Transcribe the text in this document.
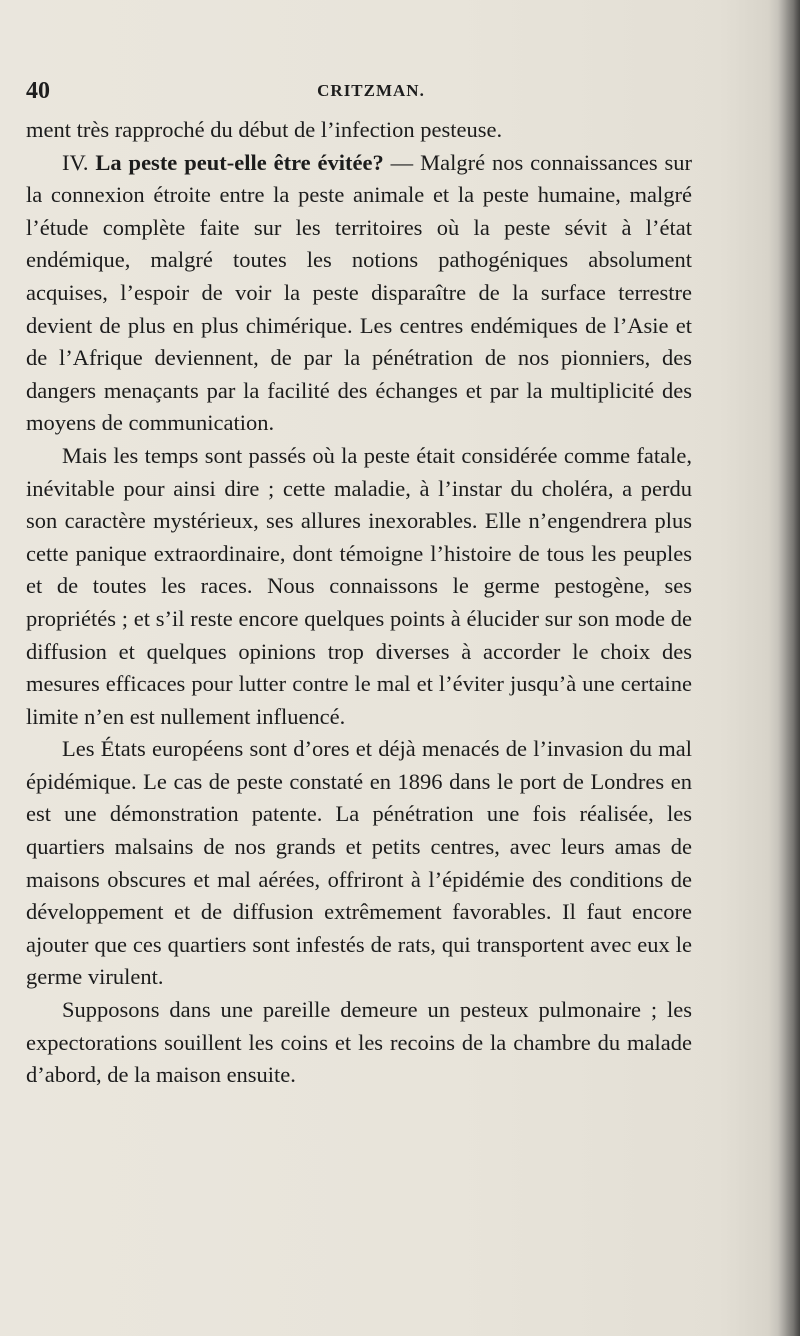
40	CRITZMAN.

ment très rapproché du début de l’infection pesteuse.

IV. La peste peut-elle être évitée? — Malgré nos connaissances sur la connexion étroite entre la peste animale et la peste humaine, malgré l’étude complète faite sur les territoires où la peste sévit à l’état endémique, malgré toutes les notions pathogéniques absolument acquises, l’espoir de voir la peste disparaître de la surface terrestre devient de plus en plus chimérique. Les centres endémiques de l’Asie et de l’Afrique deviennent, de par la pénétration de nos pionniers, des dangers menaçants par la facilité des échanges et par la multiplicité des moyens de communication.

Mais les temps sont passés où la peste était considérée comme fatale, inévitable pour ainsi dire ; cette maladie, à l’instar du choléra, a perdu son caractère mystérieux, ses allures inexorables. Elle n’engendrera plus cette panique extraordinaire, dont témoigne l’histoire de tous les peuples et de toutes les races. Nous connaissons le germe pestogène, ses propriétés ; et s’il reste encore quelques points à élucider sur son mode de diffusion et quelques opinions trop diverses à accorder le choix des mesures efficaces pour lutter contre le mal et l’éviter jusqu’à une certaine limite n’en est nullement influencé.

Les États européens sont d’ores et déjà menacés de l’invasion du mal épidémique. Le cas de peste constaté en 1896 dans le port de Londres en est une démonstration patente. La pénétration une fois réalisée, les quartiers malsains de nos grands et petits centres, avec leurs amas de maisons obscures et mal aérées, offriront à l’épidémie des conditions de développement et de diffusion extrêmement favorables. Il faut encore ajouter que ces quartiers sont infestés de rats, qui transportent avec eux le germe virulent.

Supposons dans une pareille demeure un pesteux pulmonaire ; les expectorations souillent les coins et les recoins de la chambre du malade d’abord, de la maison ensuite.
